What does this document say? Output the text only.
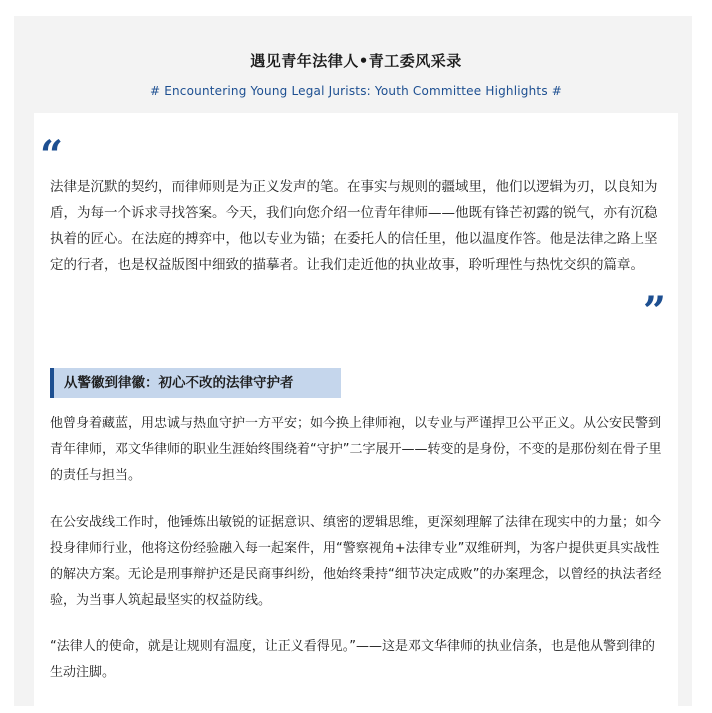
遇见青年法律人•青工委风采录
# Encountering Young Legal Jurists: Youth Committee Highlights #
“

法律是沉默的契约，而律师则是为正义发声的笔。在事实与规则的疆域里，他们以逻辑为刃，以良知为盾，为每一个诉求寻找答案。今天，我们向您介绍一位青年律师——他既有锋芒初露的锐气，亦有沉稳执着的匠心。在法庭的搏弈中，他以专业为锚；在委托人的信任里，他以温度作答。他是法律之路上坚定的行者，也是权益版图中细致的描摹者。让我们走近他的执业故事，聆听理性与热忱交织的篇章。

”
从警徽到律徽：初心不改的法律守护者

他曾身着藏蓝，用忠诚与热血守护一方平安；如今换上律师袍，以专业与严谨捍卫公平正义。从公安民警到青年律师，邓文华律师的职业生涯始终围绕着“守护”二字展开——转变的是身份，不变的是那份刻在骨子里的责任与担当。

在公安战线工作时，他锤炼出敏锐的证据意识、缜密的逻辑思维，更深刻理解了法律在现实中的力量；如今投身律师行业，他将这份经验融入每一起案件，用“警察视角+法律专业”双维研判，为客户提供更具实战性的解决方案。无论是刑事辩护还是民商事纠纷，他始终秉持“细节决定成败”的办案理念，以曾经的执法者经验，为当事人筑起最坚实的权益防线。

“法律人的使命，就是让规则有温度，让正义看得见。”——这是邓文华律师的执业信条，也是他从警到律的生动注脚。
